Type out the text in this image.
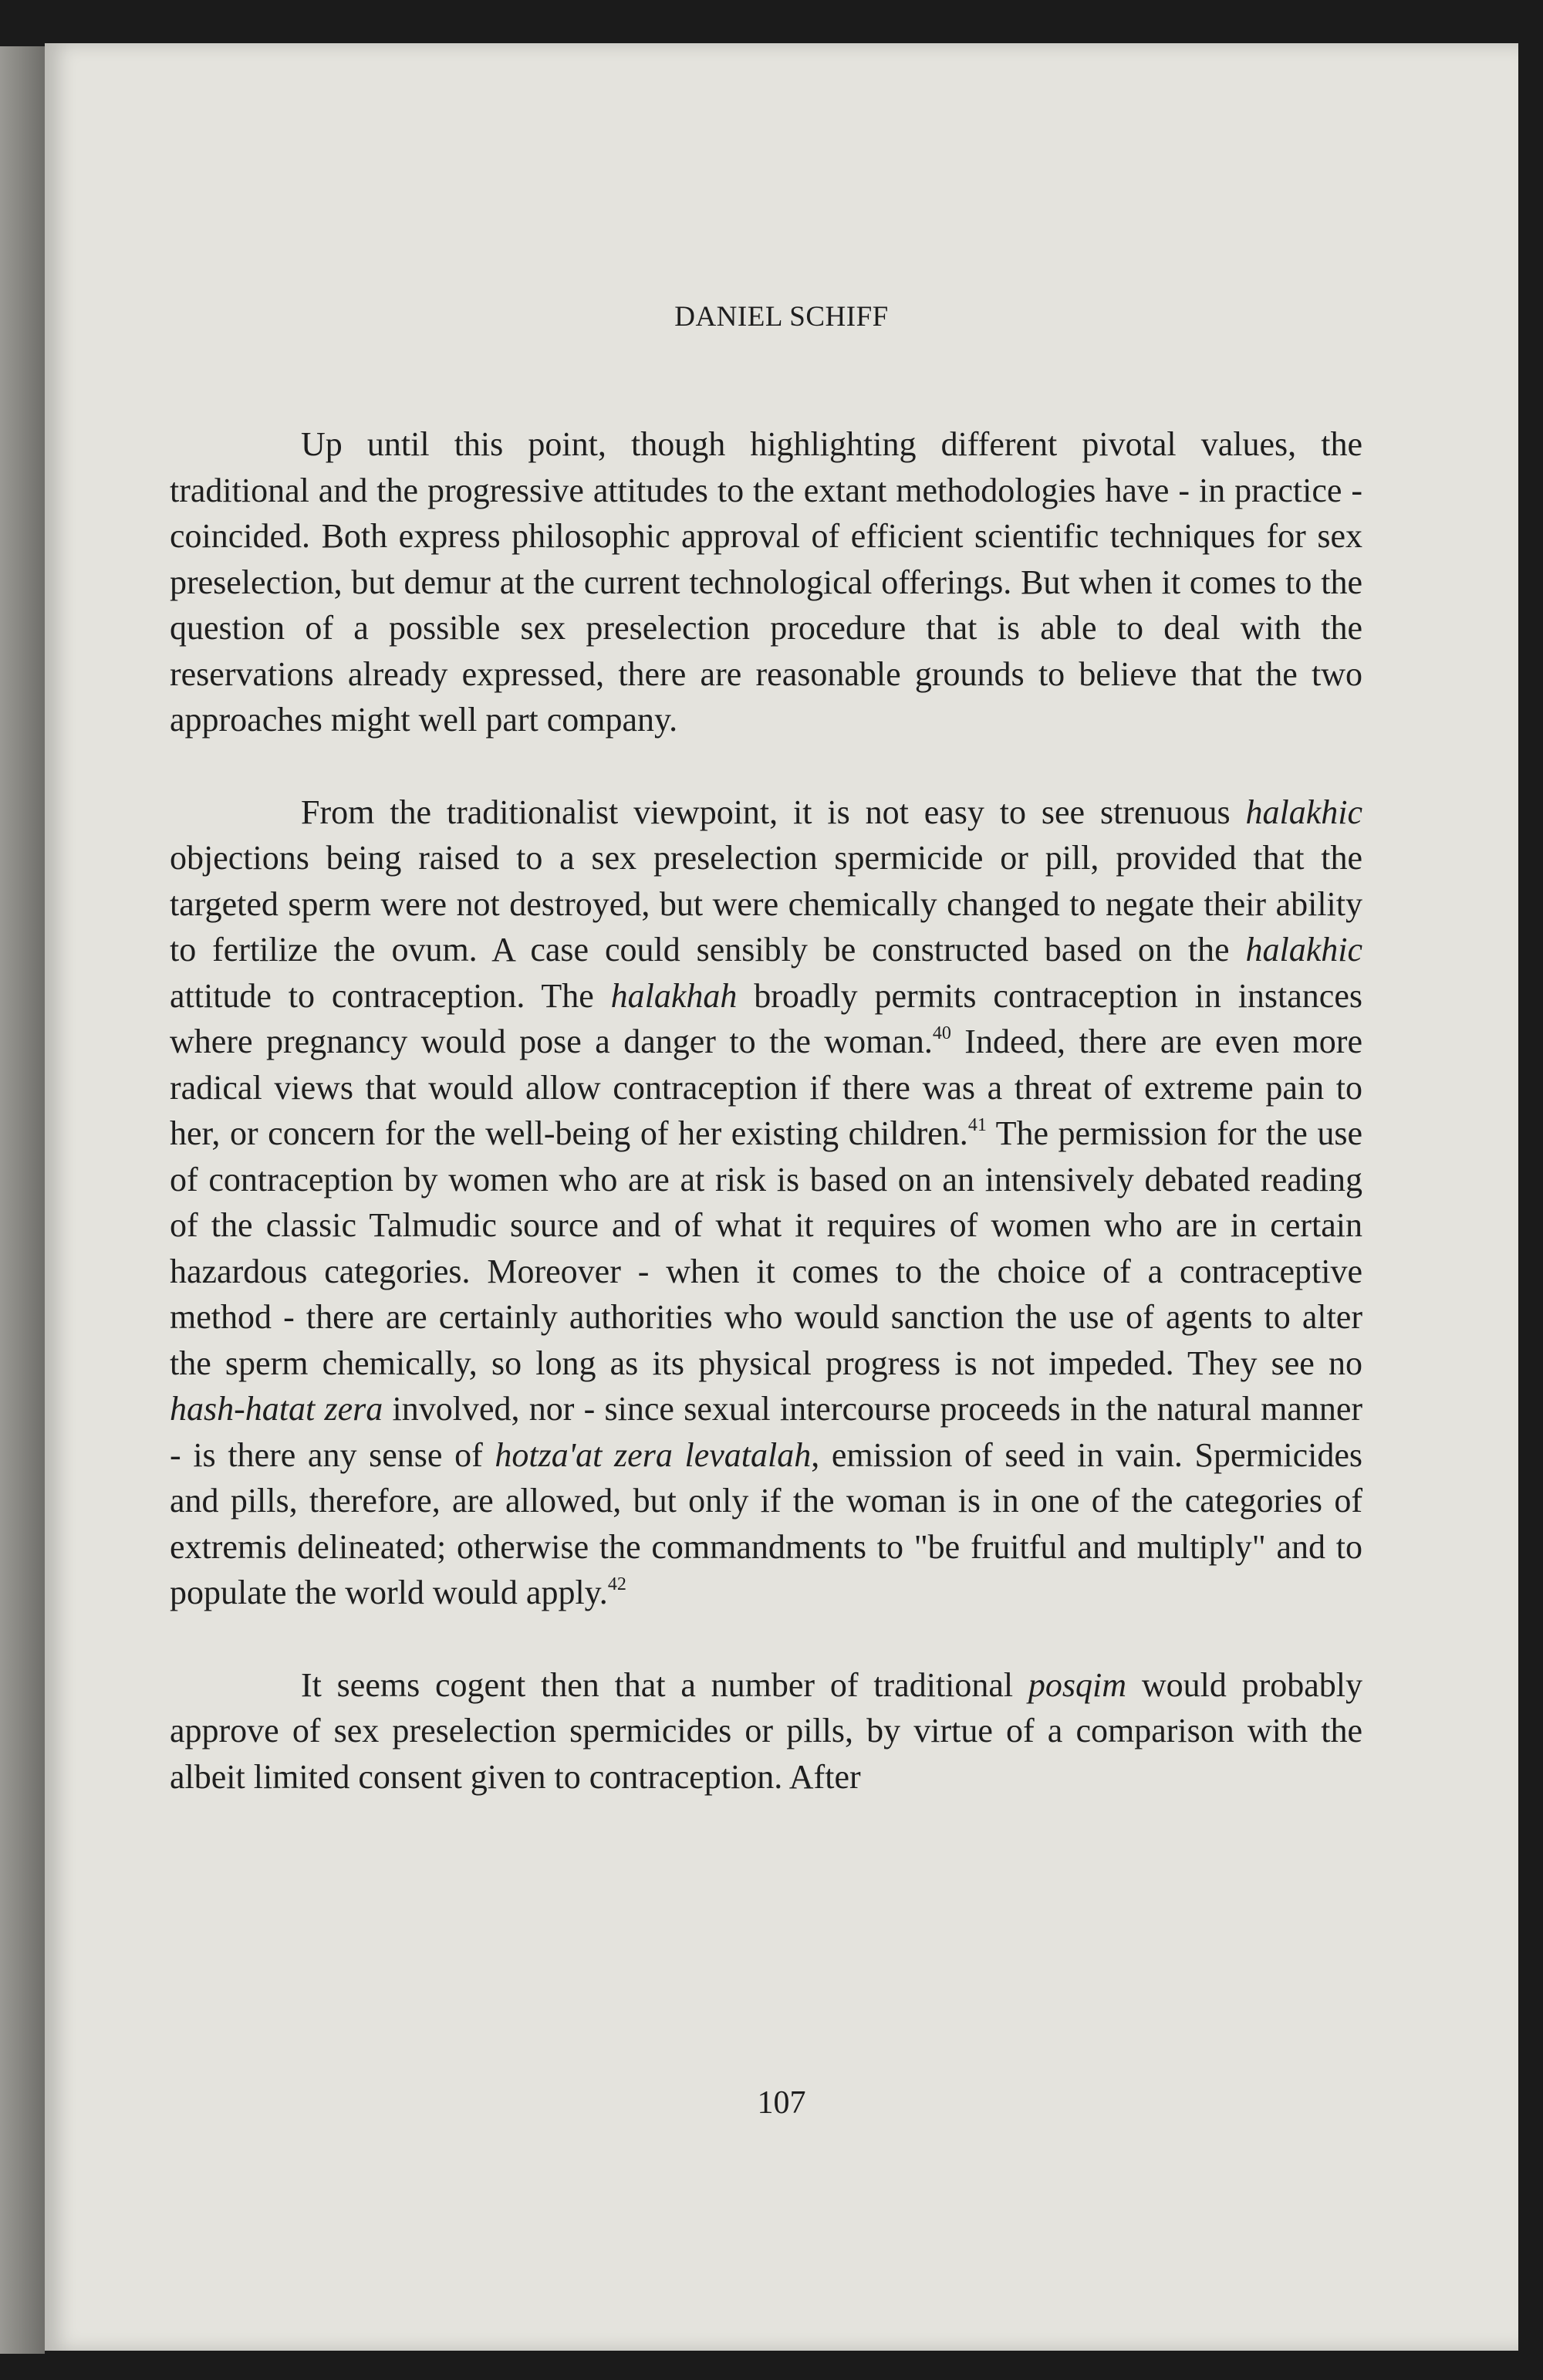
DANIEL SCHIFF

Up until this point, though highlighting different pivotal values, the traditional and the progressive attitudes to the extant methodologies have - in practice - coincided. Both express philosophic approval of efficient scientific techniques for sex preselection, but demur at the current technological offerings. But when it comes to the question of a possible sex preselection procedure that is able to deal with the reservations already expressed, there are reasonable grounds to believe that the two approaches might well part company.

From the traditionalist viewpoint, it is not easy to see strenuous halakhic objections being raised to a sex preselection spermicide or pill, provided that the targeted sperm were not destroyed, but were chemically changed to negate their ability to fertilize the ovum. A case could sensibly be constructed based on the halakhic attitude to contraception. The halakhah broadly permits contraception in instances where pregnancy would pose a danger to the woman.$^{40}$ Indeed, there are even more radical views that would allow contraception if there was a threat of extreme pain to her, or concern for the well-being of her existing children.$^{41}$ The permission for the use of contraception by women who are at risk is based on an intensively debated reading of the classic Talmudic source and of what it requires of women who are in certain hazardous categories. Moreover - when it comes to the choice of a contraceptive method - there are certainly authorities who would sanction the use of agents to alter the sperm chemically, so long as its physical progress is not impeded. They see no hash-hatat zera involved, nor - since sexual intercourse proceeds in the natural manner - is there any sense of hotza'at zera levatalah, emission of seed in vain. Spermicides and pills, therefore, are allowed, but only if the woman is in one of the categories of extremis delineated; otherwise the commandments to "be fruitful and multiply" and to populate the world would apply.$^{42}$

It seems cogent then that a number of traditional posqim would probably approve of sex preselection spermicides or pills, by virtue of a comparison with the albeit limited consent given to contraception. After

107
